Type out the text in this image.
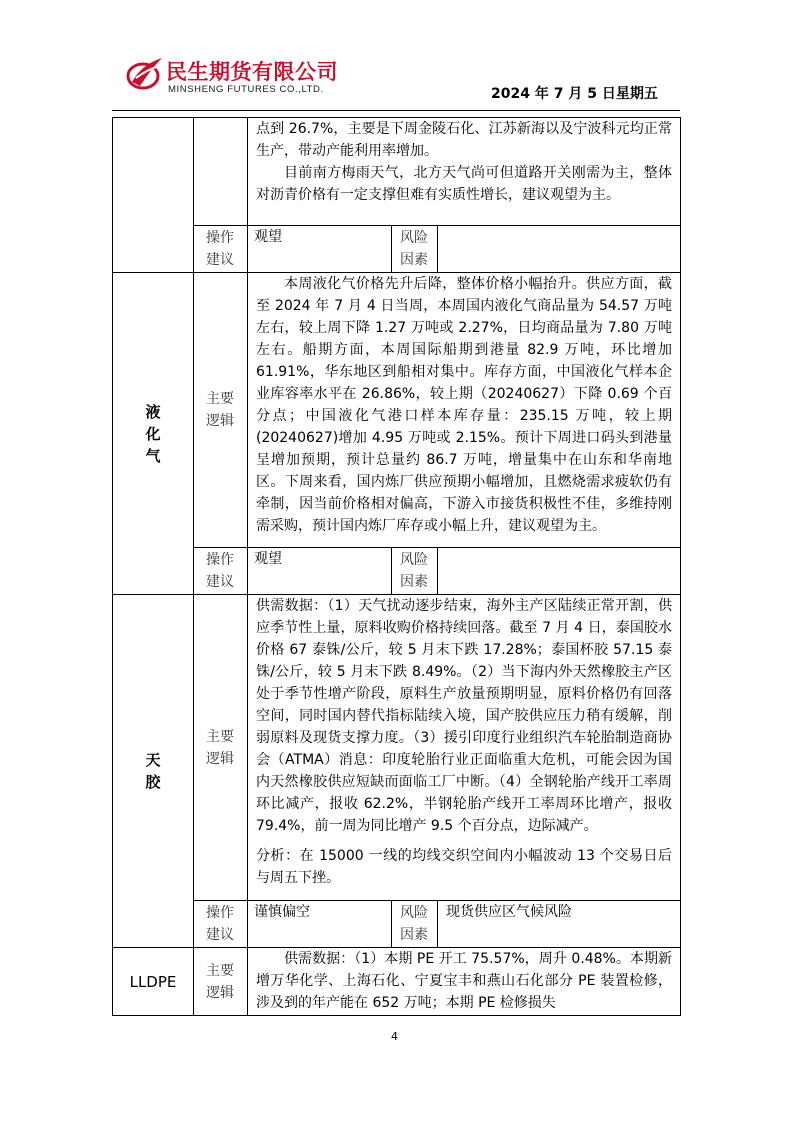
民生期货有限公司
MINSHENG FUTURES CO.,LTD.	2024 年 7 月 5 日星期五

		点到 26.7%，主要是下周金陵石化、江苏新海以及宁波科元均正常生产，带动产能利用率增加。

目前南方梅雨天气，北方天气尚可但道路开关刚需为主，整体对沥青价格有一定支撑但难有实质性增长，建议观望为主。		

	操作建议	观望	风险因素	
液化气	主要逻辑	本周液化气价格先升后降，整体价格小幅抬升。供应方面，截至 2024 年 7 月 4 日当周，本周国内液化气商品量为 54.57 万吨左右，较上周下降 1.27 万吨或 2.27%，日均商品量为 7.80 万吨左右。船期方面，本周国际船期到港量 82.9 万吨，环比增加 61.91%，华东地区到船相对集中。库存方面，中国液化气样本企业库容率水平在 26.86%，较上期（20240627）下降 0.69 个百分点；中国液化气港口样本库存量：235.15 万吨，较上期(20240627)增加 4.95 万吨或 2.15%。预计下周进口码头到港量呈增加预期，预计总量约 86.7 万吨，增量集中在山东和华南地区。下周来看，国内炼厂供应预期小幅增加，且燃烧需求疲软仍有牵制，因当前价格相对偏高，下游入市接货积极性不佳，多维持刚需采购，预计国内炼厂库存或小幅上升，建议观望为主。		

	操作建议	观望	风险因素	
天胶	主要逻辑	供需数据：（1）天气扰动逐步结束，海外主产区陆续正常开割，供应季节性上量，原料收购价格持续回落。截至 7 月 4 日，泰国胶水价格 67 泰铢/公斤，较 5 月末下跌 17.28%；泰国杯胶 57.15 泰铢/公斤，较 5 月末下跌 8.49%。（2）当下海内外天然橡胶主产区处于季节性增产阶段，原料生产放量预期明显，原料价格仍有回落空间，同时国内替代指标陆续入境，国产胶供应压力稍有缓解，削弱原料及现货支撑力度。（3）援引印度行业组织汽车轮胎制造商协会（ATMA）消息：印度轮胎行业正面临重大危机，可能会因为国内天然橡胶供应短缺而面临工厂中断。（4）全钢轮胎产线开工率周环比减产，报收 62.2%，半钢轮胎产线开工率周环比增产，报收 79.4%，前一周为同比增产 9.5 个百分点，边际减产。

分析：在 15000 一线的均线交织空间内小幅波动 13 个交易日后与周五下挫。		

	操作建议	谨慎偏空	风险因素	现货供应区气候风险
LLDPE	主要逻辑	供需数据：（1）本期 PE 开工 75.57%，周升 0.48%。本期新增万华化学、上海石化、宁夏宝丰和燕山石化部分 PE 装置检修，涉及到的年产能在 652 万吨；本期 PE 检修损失		

4
